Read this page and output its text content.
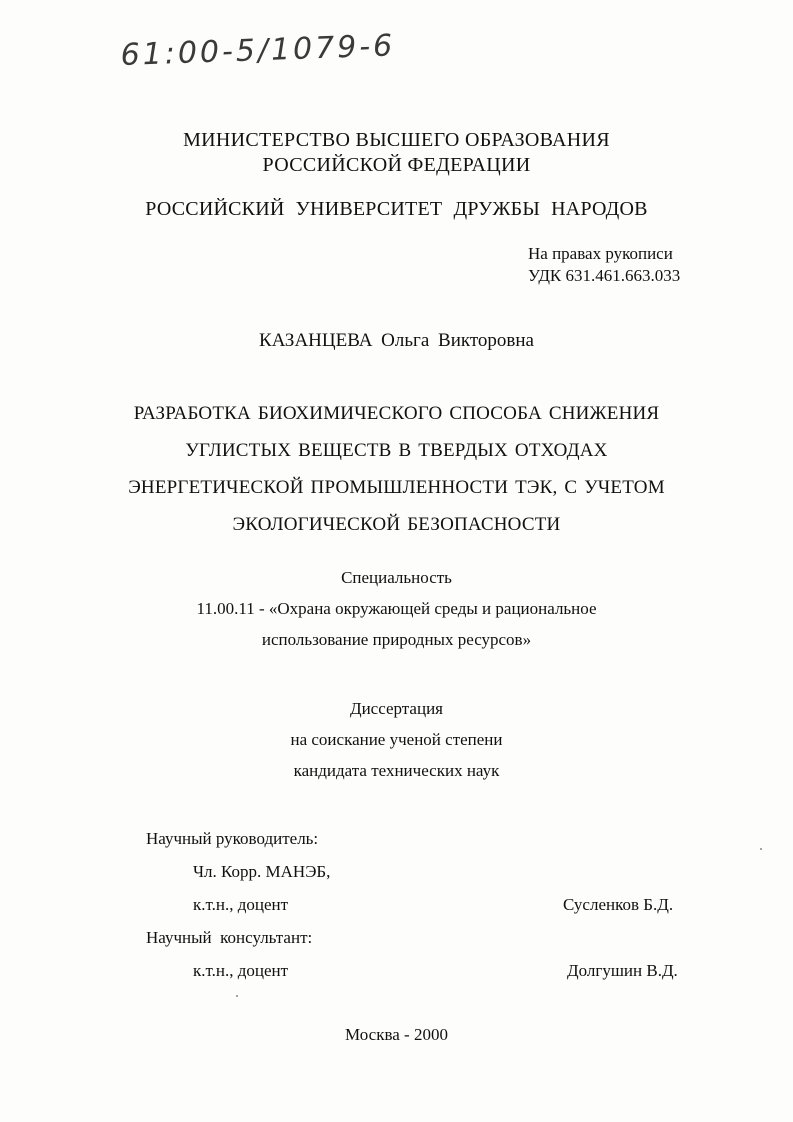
61:00-5/1079-6
МИНИСТЕРСТВО ВЫСШЕГО ОБРАЗОВАНИЯ
РОССИЙСКОЙ ФЕДЕРАЦИИ
РОССИЙСКИЙ УНИВЕРСИТЕТ ДРУЖБЫ НАРОДОВ
На правах рукописи
УДК 631.461.663.033
КАЗАНЦЕВА Ольга Викторовна
РАЗРАБОТКА БИОХИМИЧЕСКОГО СПОСОБА СНИЖЕНИЯ
УГЛИСТЫХ ВЕЩЕСТВ В ТВЕРДЫХ ОТХОДАХ
ЭНЕРГЕТИЧЕСКОЙ ПРОМЫШЛЕННОСТИ ТЭК, С УЧЕТОМ
ЭКОЛОГИЧЕСКОЙ БЕЗОПАСНОСТИ
Специальность
11.00.11 - «Охрана окружающей среды и рациональное
использование природных ресурсов»
Диссертация
на соискание ученой степени
кандидата технических наук
Научный руководитель:
Чл. Корр. МАНЭБ,
к.т.н., доцент	Сусленков Б.Д.
Научный  консультант:
к.т.н., доцент	Долгушин В.Д.
Москва - 2000
